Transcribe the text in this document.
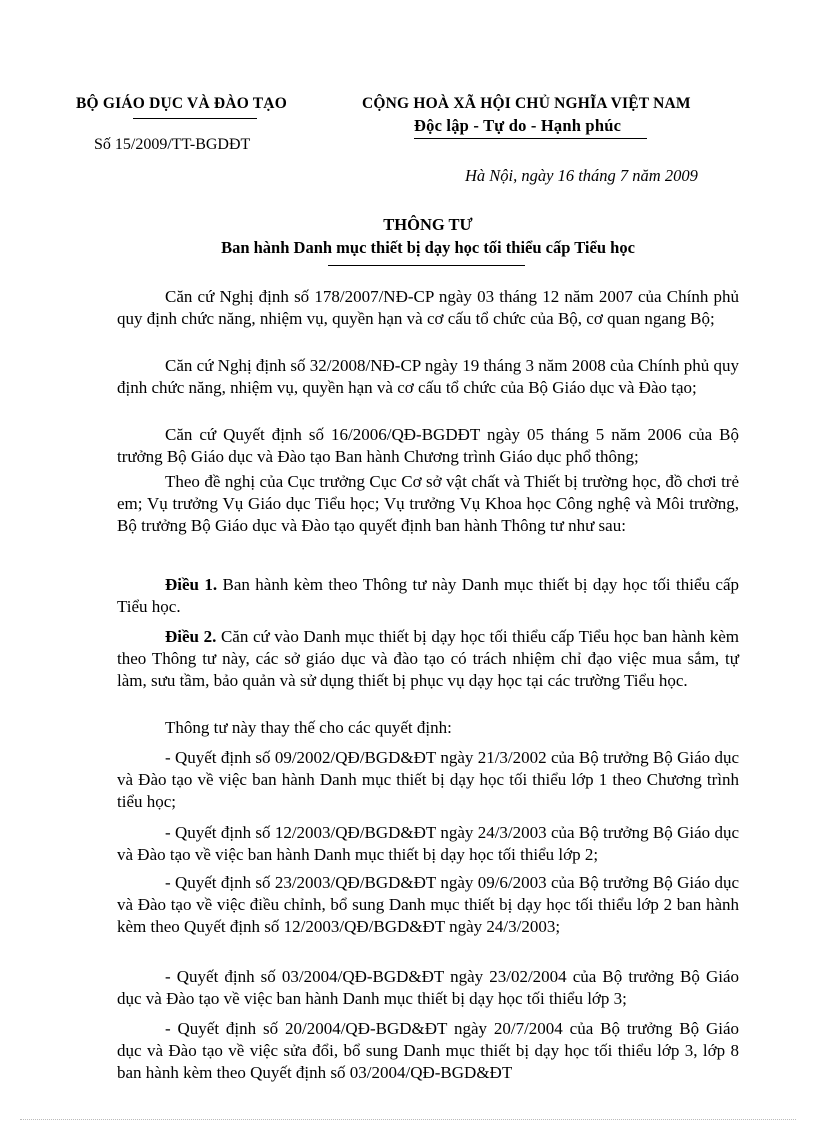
BỘ GIÁO DỤC VÀ ĐÀO TẠO
Số 15/2009/TT-BGDĐT
CỘNG HOÀ XÃ HỘI CHỦ NGHĨA VIỆT NAM
Độc lập - Tự do - Hạnh phúc
Hà Nội, ngày 16 tháng 7 năm 2009
THÔNG TƯ
Ban hành Danh mục thiết bị dạy học tối thiểu cấp Tiểu học
Căn cứ Nghị định số 178/2007/NĐ-CP ngày 03 tháng 12 năm 2007 của Chính phủ quy định chức năng, nhiệm vụ, quyền hạn và cơ cấu tổ chức của Bộ, cơ quan ngang Bộ;
Căn cứ Nghị định số 32/2008/NĐ-CP ngày 19 tháng 3 năm 2008 của Chính phủ quy định chức năng, nhiệm vụ, quyền hạn và cơ cấu tổ chức của Bộ Giáo dục và Đào tạo;
Căn cứ Quyết định số 16/2006/QĐ-BGDĐT ngày 05 tháng 5 năm 2006 của Bộ trưởng Bộ Giáo dục và Đào tạo Ban hành Chương trình Giáo dục phổ thông;
Theo đề nghị của Cục trưởng Cục Cơ sở vật chất và Thiết bị trường học, đồ chơi trẻ em; Vụ trưởng Vụ Giáo dục Tiểu học; Vụ trưởng Vụ Khoa học Công nghệ và Môi trường, Bộ trưởng Bộ Giáo dục và Đào tạo quyết định ban hành Thông tư như sau:
Điều 1. Ban hành kèm theo Thông tư này Danh mục thiết bị dạy học tối thiểu cấp Tiểu học.
Điều 2. Căn cứ vào Danh mục thiết bị dạy học tối thiểu cấp Tiểu học ban hành kèm theo Thông tư này, các sở giáo dục và đào tạo có trách nhiệm chỉ đạo việc mua sắm, tự làm, sưu tầm, bảo quản và sử dụng thiết bị phục vụ dạy học tại các trường Tiểu học.
Thông tư này thay thế cho các quyết định:
- Quyết định số 09/2002/QĐ/BGD&ĐT ngày 21/3/2002 của Bộ trưởng Bộ Giáo dục và Đào tạo về việc ban hành Danh mục thiết bị dạy học tối thiểu lớp 1 theo Chương trình tiểu học;
- Quyết định số 12/2003/QĐ/BGD&ĐT ngày 24/3/2003 của Bộ trưởng Bộ Giáo dục và Đào tạo về việc ban hành Danh mục thiết bị dạy học tối thiểu lớp 2;
- Quyết định số 23/2003/QĐ/BGD&ĐT ngày 09/6/2003 của Bộ trưởng Bộ Giáo dục và Đào tạo về việc điều chỉnh, bổ sung Danh mục thiết bị dạy học tối thiểu lớp 2 ban hành kèm theo Quyết định số 12/2003/QĐ/BGD&ĐT ngày 24/3/2003;
- Quyết định số 03/2004/QĐ-BGD&ĐT ngày 23/02/2004 của Bộ trưởng Bộ Giáo dục và Đào tạo về việc ban hành Danh mục thiết bị dạy học tối thiểu lớp 3;
- Quyết định số 20/2004/QĐ-BGD&ĐT ngày 20/7/2004 của Bộ trưởng Bộ Giáo dục và Đào tạo về việc sửa đổi, bổ sung Danh mục thiết bị dạy học tối thiểu lớp 3, lớp 8 ban hành kèm theo Quyết định số 03/2004/QĐ-BGD&ĐT
